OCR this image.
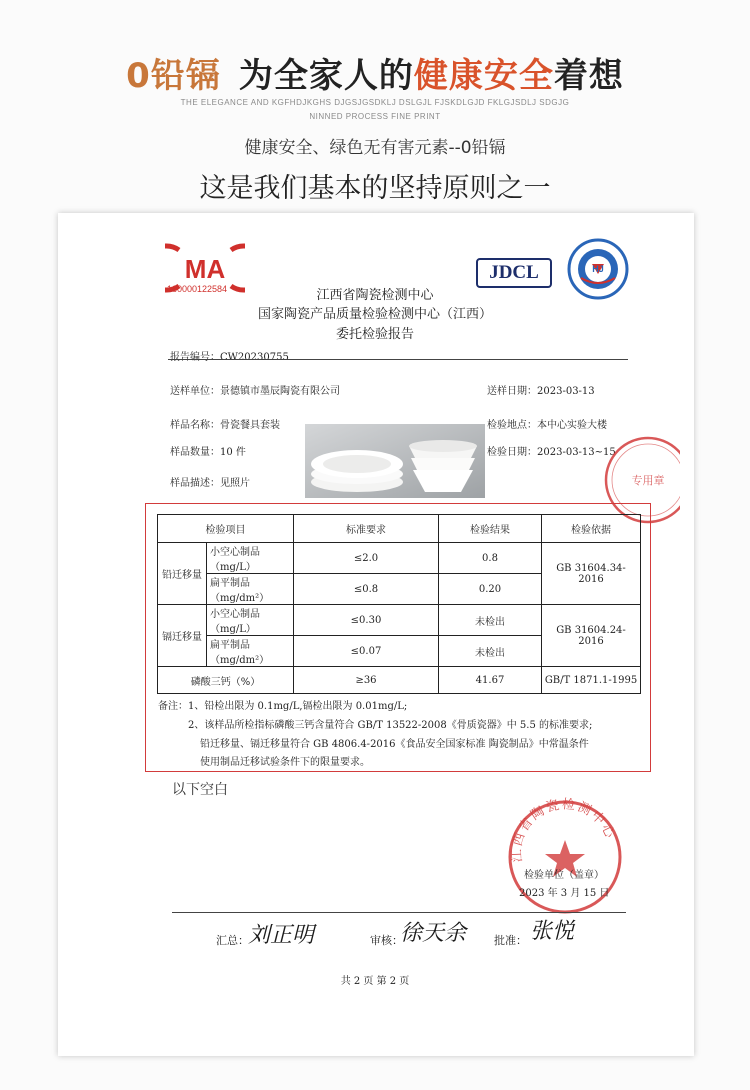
0铅镉 为全家人的健康安全着想
THE ELEGANCE AND KGFHDJKGHS DJGSJGSDKLJ DSLGJL FJSKDLGJD FKLGJSDLJ SDGJG
NINNED PROCESS FINE PRINT
健康安全、绿色无有害元素--0铅镉
这是我们基本的坚持原则之一
MA
160000122584
JDCL	HJ
江西省陶瓷检测中心
国家陶瓷产品质量检验检测中心（江西）
委托检验报告
报告编号：CW20230755
送样单位：景德镇市墨辰陶瓷有限公司	送样日期：2023-03-13
样品名称：骨瓷餐具套装	检验地点：本中心实验大楼
样品数量：10 件	检验日期：2023-03-13~15
样品描述：见照片	专用章
检验项目		标准要求	检验结果	检验依据
铅迁移量	小空心制品（mg/L）	≤2.0	0.8	GB 31604.34-2016
	扁平制品（mg/dm²）	≤0.8	0.20	
镉迁移量	小空心制品（mg/L）	≤0.30	未检出	GB 31604.24-2016
	扁平制品（mg/dm²）	≤0.07	未检出	
磷酸三钙（%）		≥36	41.67	GB/T 1871.1-1995
备注：1、铅检出限为 0.1mg/L,镉检出限为 0.01mg/L;
2、该样品所检指标磷酸三钙含量符合 GB/T 13522-2008《骨质瓷器》中 5.5 的标准要求;
铅迁移量、镉迁移量符合 GB 4806.4-2016《食品安全国家标准 陶瓷制品》中常温条件
使用制品迁移试验条件下的限量要求。
以下空白
江西省陶瓷检测中心
检验单位（盖章）
2023 年 3 月 15 日
汇总： 刘正明	审核：
徐天余	批准： 张悦
共 2 页 第 2 页
